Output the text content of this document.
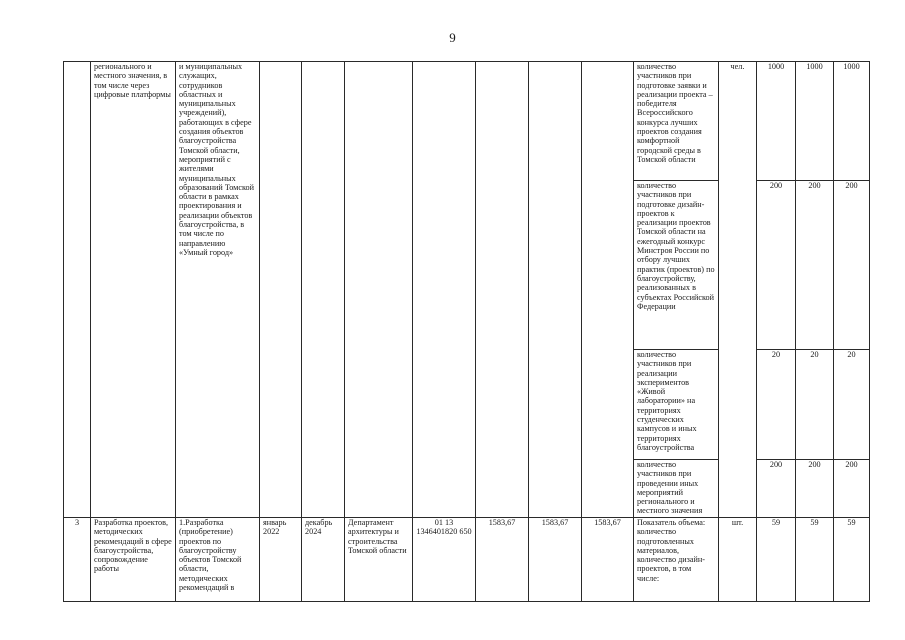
9
	регионального и местного значения, в том числе через цифровые платформы	и муниципальных служащих, сотрудников областных и муниципальных учреждений), работающих в сфере создания объектов благоустройства Томской области, мероприятий с жителями муниципальных образований Томской области в рамках проектирования и реализации объектов благоустройства, в том числе по направлению «Умный город»								количество участников при подготовке заявки и реализации проекта – победителя Всероссийского конкурса лучших проектов создания комфортной городской среды в Томской области	чел.	1000	1000	1000
										количество участников при подготовке дизайн-проектов к реализации проектов Томской области на ежегодный конкурс Минстроя России по отбору лучших практик (проектов) по благоустройству, реализованных в субъектах Российской Федерации		200	200	200
										количество участников при реализации экспериментов «Живой лаборатории» на территориях студенческих кампусов и иных территориях благоустройства		20	20	20
										количество участников при проведении иных мероприятий регионального и местного значения		200	200	200
3	Разработка проектов, методических рекомендаций в сфере благоустройства, сопровождение работы	1.Разработка (приобретение) проектов по благоустройству объектов Томской области, методических рекомендаций в	январь 2022	декабрь 2024	Департамент архитектуры и строительства Томской области	01 13 1346401820 650	1583,67	1583,67	1583,67	Показатель объема: количество подготовленных материалов, количество дизайн-проектов, в том числе:	шт.	59	59	59
